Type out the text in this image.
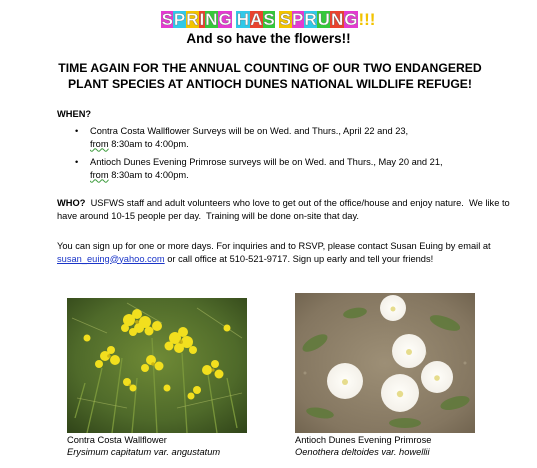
SPRING HAS SPRUNG!!!
And so have the flowers!!
TIME AGAIN FOR THE ANNUAL COUNTING OF OUR TWO ENDANGERED
PLANT SPECIES AT ANTIOCH DUNES NATIONAL WILDLIFE REFUGE!
WHEN?
• Contra Costa Wallflower Surveys will be on Wed. and Thurs., April 22 and 23,
from 8:30am to 4:00pm.
• Antioch Dunes Evening Primrose surveys will be on Wed. and Thurs., May 20 and 21,
from 8:30am to 4:00pm.
WHO?  USFWS staff and adult volunteers who love to get out of the office/house and enjoy nature.  We like to have around 10-15 people per day.  Training will be done on-site that day.
You can sign up for one or more days. For inquiries and to RSVP, please contact Susan Euing by email at susan_euing@yahoo.com or call office at 510-521-9717. Sign up early and tell your friends!
Contra Costa Wallflower
Erysimum capitatum var. angustatum
Antioch Dunes Evening Primrose
Oenothera deltoides var. howellii
